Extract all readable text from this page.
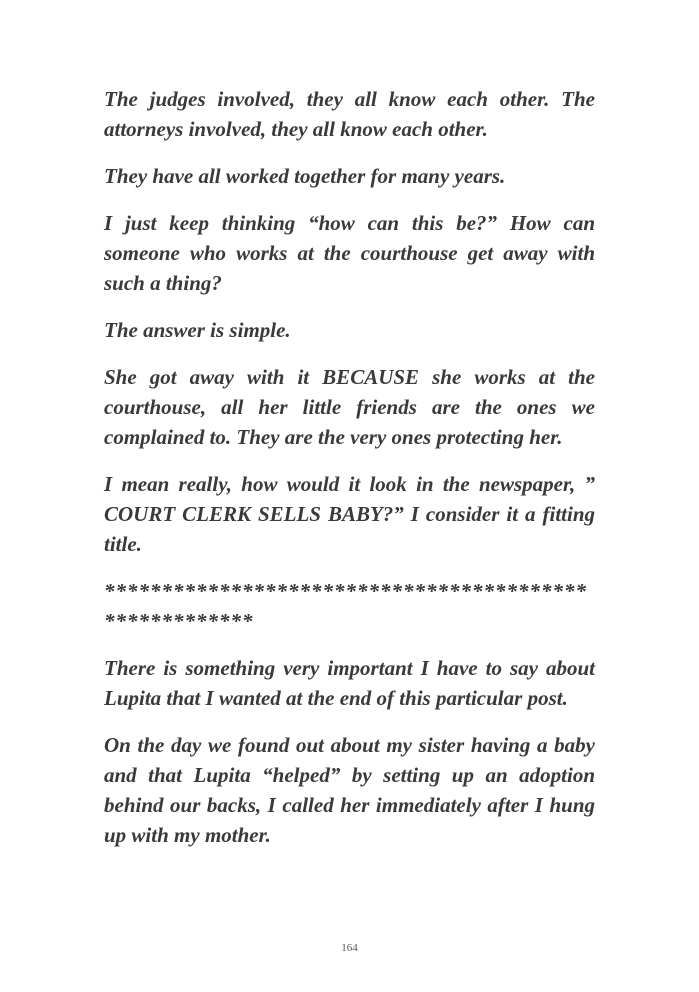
The judges involved, they all know each other. The attorneys involved, they all know each other.

They have all worked together for many years.

I just keep thinking “how can this be?” How can someone who works at the courthouse get away with such a thing?

The answer is simple.

She got away with it BECAUSE she works at the courthouse, all her little friends are the ones we complained to. They are the very ones protecting her.

I mean really, how would it look in the newspaper, ” COURT CLERK SELLS BABY?” I consider it a fitting title.

*******************************************************

There is something very important I have to say about Lupita that I wanted at the end of this particular post.

On the day we found out about my sister having a baby and that Lupita “helped” by setting up an adoption behind our backs, I called her immediately after I hung up with my mother.

164
